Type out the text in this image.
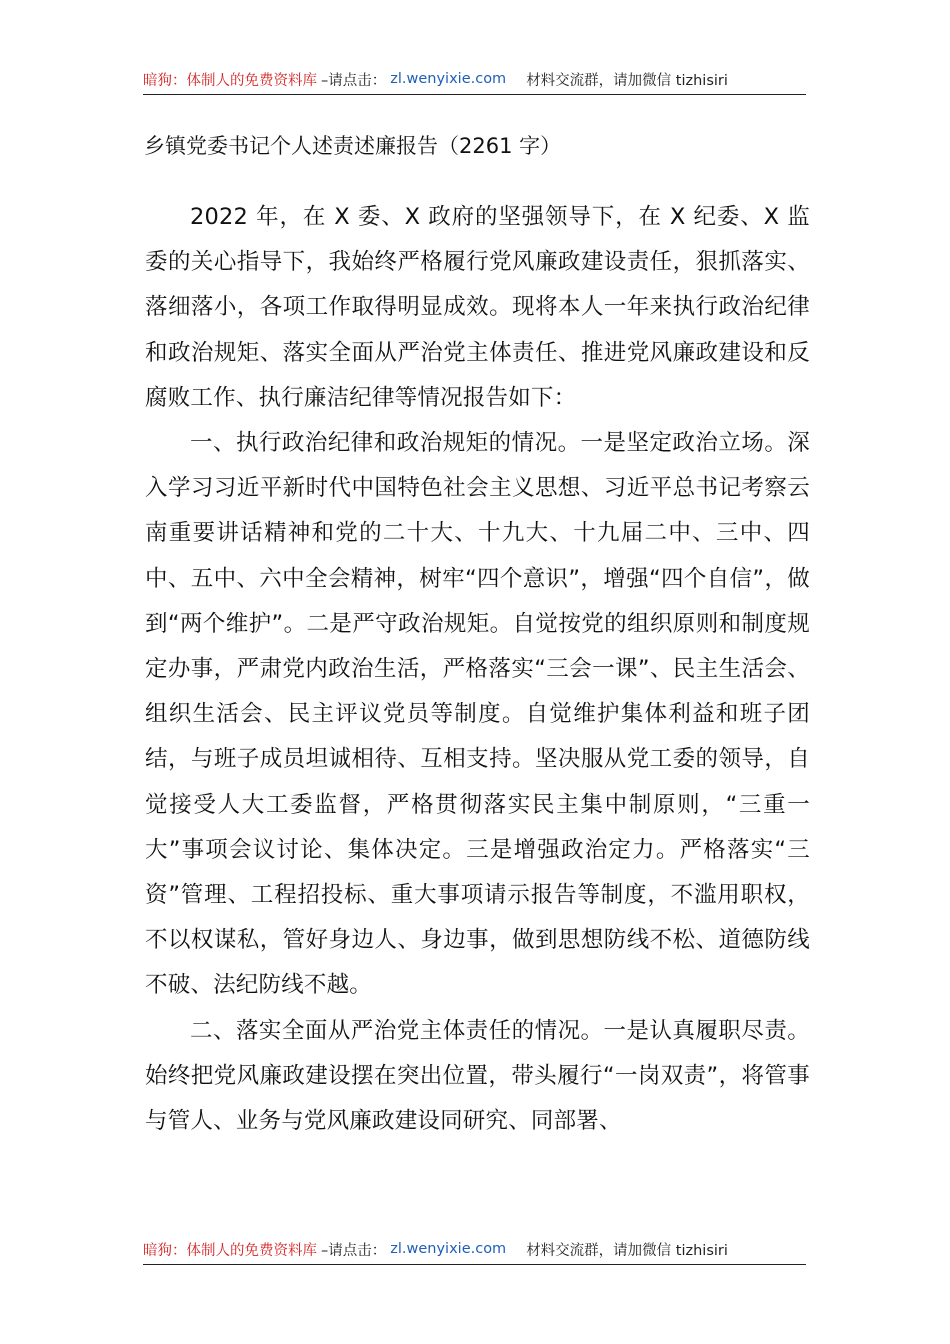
暗狗：体制人的免费资料库 –请点击： zl.wenyixie.com 材料交流群，请加微信 tizhisiri
乡镇党委书记个人述责述廉报告（2261 字）

2022 年，在 X 委、X 政府的坚强领导下，在 X 纪委、X 监委的关心指导下，我始终严格履行党风廉政建设责任，狠抓落实、落细落小，各项工作取得明显成效。现将本人一年来执行政治纪律和政治规矩、落实全面从严治党主体责任、推进党风廉政建设和反腐败工作、执行廉洁纪律等情况报告如下：

一、执行政治纪律和政治规矩的情况。一是坚定政治立场。深入学习习近平新时代中国特色社会主义思想、习近平总书记考察云南重要讲话精神和党的二十大、十九大、十九届二中、三中、四中、五中、六中全会精神，树牢“四个意识”，增强“四个自信”，做到“两个维护”。二是严守政治规矩。自觉按党的组织原则和制度规定办事，严肃党内政治生活，严格落实“三会一课”、民主生活会、组织生活会、民主评议党员等制度。自觉维护集体利益和班子团结，与班子成员坦诚相待、互相支持。坚决服从党工委的领导，自觉接受人大工委监督，严格贯彻落实民主集中制原则，“三重一大”事项会议讨论、集体决定。三是增强政治定力。严格落实“三资”管理、工程招投标、重大事项请示报告等制度，不滥用职权，不以权谋私，管好身边人、身边事，做到思想防线不松、道德防线不破、法纪防线不越。

二、落实全面从严治党主体责任的情况。一是认真履职尽责。始终把党风廉政建设摆在突出位置，带头履行“一岗双责”，将管事与管人、业务与党风廉政建设同研究、同部署、

暗狗：体制人的免费资料库 –请点击： zl.wenyixie.com 材料交流群，请加微信 tizhisiri
